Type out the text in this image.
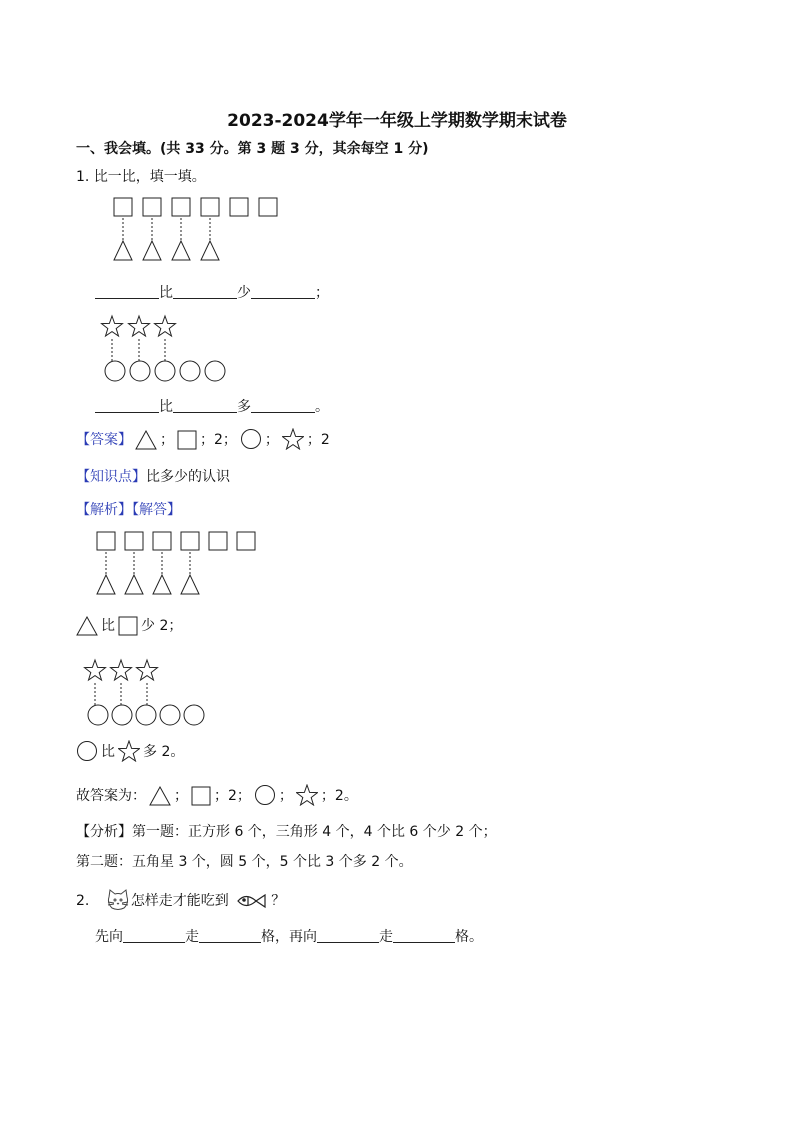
2023-2024学年一年级上学期数学期末试卷
一、我会填。(共 33 分。第 3 题 3 分，其余每空 1 分)
1. 比一比，填一填。
比	少	；
比	多	。
【答案】 ； ；2； ； ；2
【知识点】比多少的认识
【解析】【解答】
比 少 2；
比 多 2。
故答案为： ； ；2； ； ；2。
【分析】第一题：正方形 6 个，三角形 4 个，4 个比 6 个少 2 个；
第二题：五角星 3 个，圆 5 个，5 个比 3 个多 2 个。
2.	怎样走才能吃到	？
先向	走	格，再向	走	格。
